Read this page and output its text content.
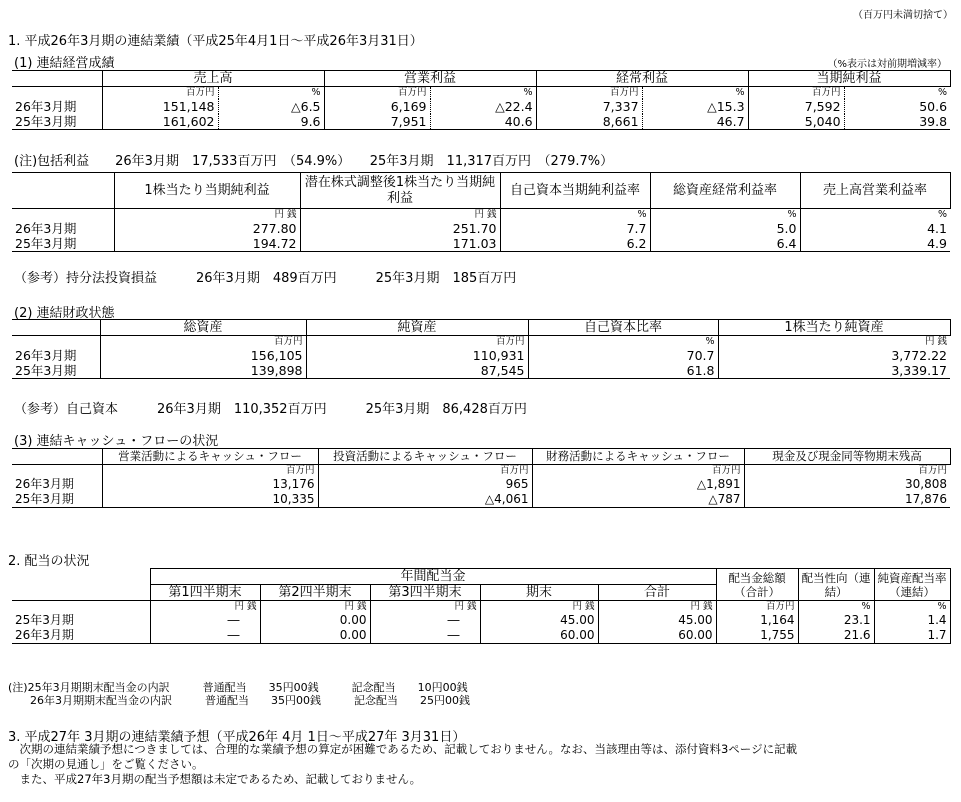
（百万円未満切捨て）
1. 平成26年3月期の連結業績（平成25年4月1日～平成26年3月31日）
(1) 連結経営成績	（%表示は対前期増減率）
	売上高		営業利益		経常利益		当期純利益	
	百万円	%	百万円	%	百万円	%	百万円	%
26年3月期	151,148	△6.5	6,169	△22.4	7,337	△15.3	7,592	50.6
25年3月期	161,602	9.6	7,951	40.6	8,661	46.7	5,040	39.8
(注)包括利益　　26年3月期　17,533百万円　（54.9%）　　25年3月期　11,317百万円　（279.7%）
	1株当たり当期純利益	潜在株式調整後1株当たり当期純利益	自己資本当期純利益率	総資産経常利益率	売上高営業利益率
	円 銭	円 銭	%	%	%
26年3月期	277.80	251.70	7.7	5.0	4.1
25年3月期	194.72	171.03	6.2	6.4	4.9
（参考）持分法投資損益　　　26年3月期　489百万円　　　25年3月期　185百万円
(2) 連結財政状態
	総資産	純資産	自己資本比率	1株当たり純資産
	百万円	百万円	%	円 銭
26年3月期	156,105	110,931	70.7	3,772.22
25年3月期	139,898	87,545	61.8	3,339.17
（参考）自己資本　　　26年3月期　110,352百万円　　　25年3月期　86,428百万円
(3) 連結キャッシュ・フローの状況
	営業活動によるキャッシュ・フロー	投資活動によるキャッシュ・フロー	財務活動によるキャッシュ・フロー	現金及び現金同等物期末残高
	百万円	百万円	百万円	百万円
26年3月期	13,176	965	△1,891	30,808
25年3月期	10,335	△4,061	△787	17,876
2. 配当の状況
	年間配当金					配当金総額（合計）	配当性向（連結）	純資産配当率（連結）
	第1四半期末	第2四半期末	第3四半期末	期末	合計			
	円 銭	円 銭	円 銭	円 銭	円 銭	百万円	%	%
25年3月期	―	0.00	―	45.00	45.00	1,164	23.1	1.4
26年3月期	―	0.00	―	60.00	60.00	1,755	21.6	1.7
(注)25年3月期期末配当金の内訳　　　普通配当　　35円00銭　　　記念配当　　10円00銭
　　26年3月期期末配当金の内訳　　　普通配当　　35円00銭　　　記念配当　　25円00銭
3. 平成27年 3月期の連結業績予想（平成26年 4月 1日～平成27年 3月31日）
　次期の連結業績予想につきましては、合理的な業績予想の算定が困難であるため、記載しておりません。なお、当該理由等は、添付資料3ページに記載
の「次期の見通し」をご覧ください。
　また、平成27年3月期の配当予想額は未定であるため、記載しておりません。
